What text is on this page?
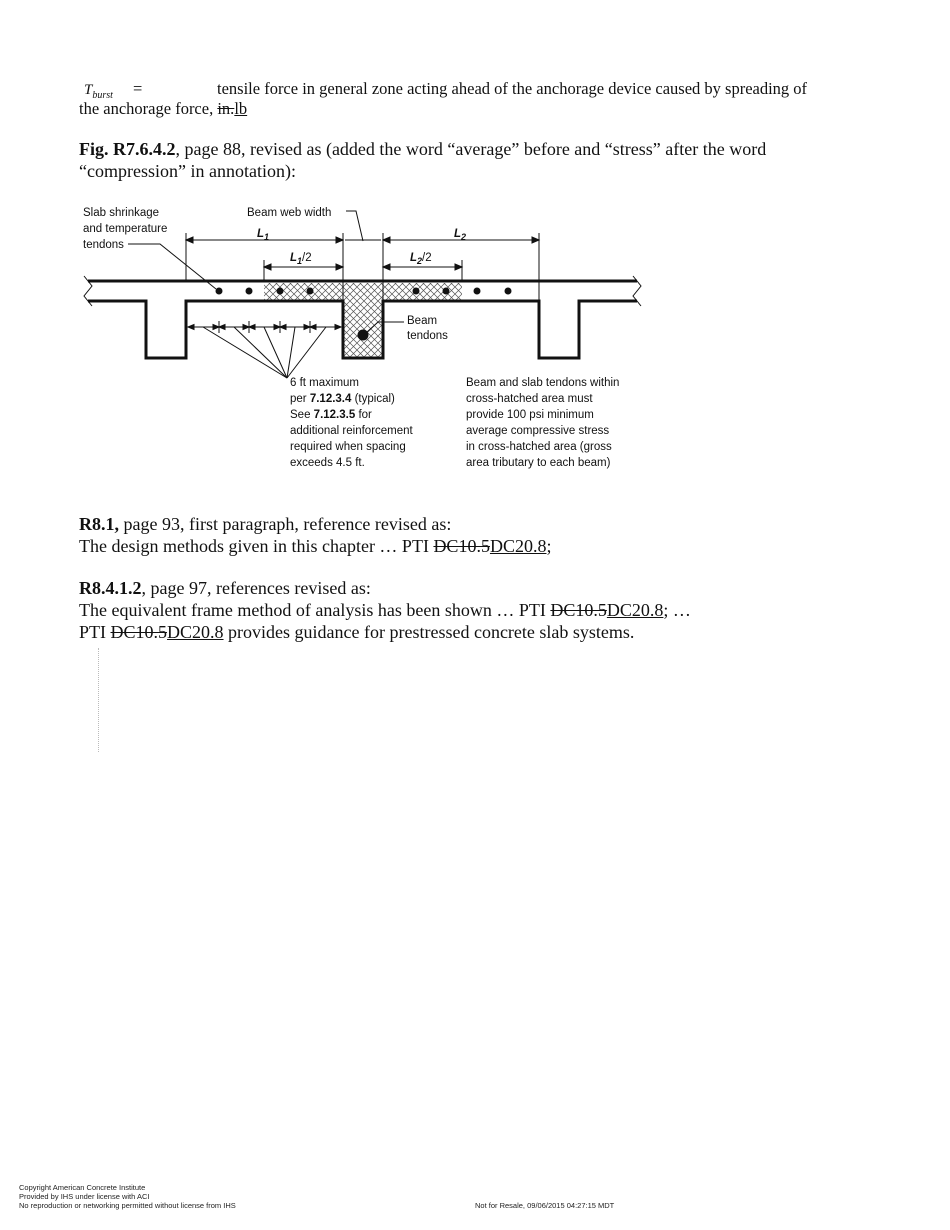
$T_{burst}$ =	tensile force in general zone acting ahead of the anchorage device caused by spreading of
the anchorage force, in.lb
Fig. R7.6.4.2, page 88, revised as (added the word “average” before and “stress” after the word
“compression” in annotation):
Slab shrinkage
and temperature
tendons
Beam web width
$L_1$	$L_2$
$L_1/2$	$L_2/2$
Beam
tendons
6 ft maximum
per 7.12.3.4 (typical)
See 7.12.3.5 for
additional reinforcement
required when spacing
exceeds 4.5 ft.
Beam and slab tendons within
cross-hatched area must
provide 100 psi minimum
average compressive stress
in cross-hatched area (gross
area tributary to each beam)
R8.1, page 93, first paragraph, reference revised as:
The design methods given in this chapter … PTI DC10.5DC20.8;
R8.4.1.2, page 97, references revised as:
The equivalent frame method of analysis has been shown … PTI DC10.5DC20.8; …
PTI DC10.5DC20.8 provides guidance for prestressed concrete slab systems.
Copyright American Concrete Institute
Provided by IHS under license with ACI
No reproduction or networking permitted without license from IHS	Not for Resale, 09/06/2015 04:27:15 MDT
